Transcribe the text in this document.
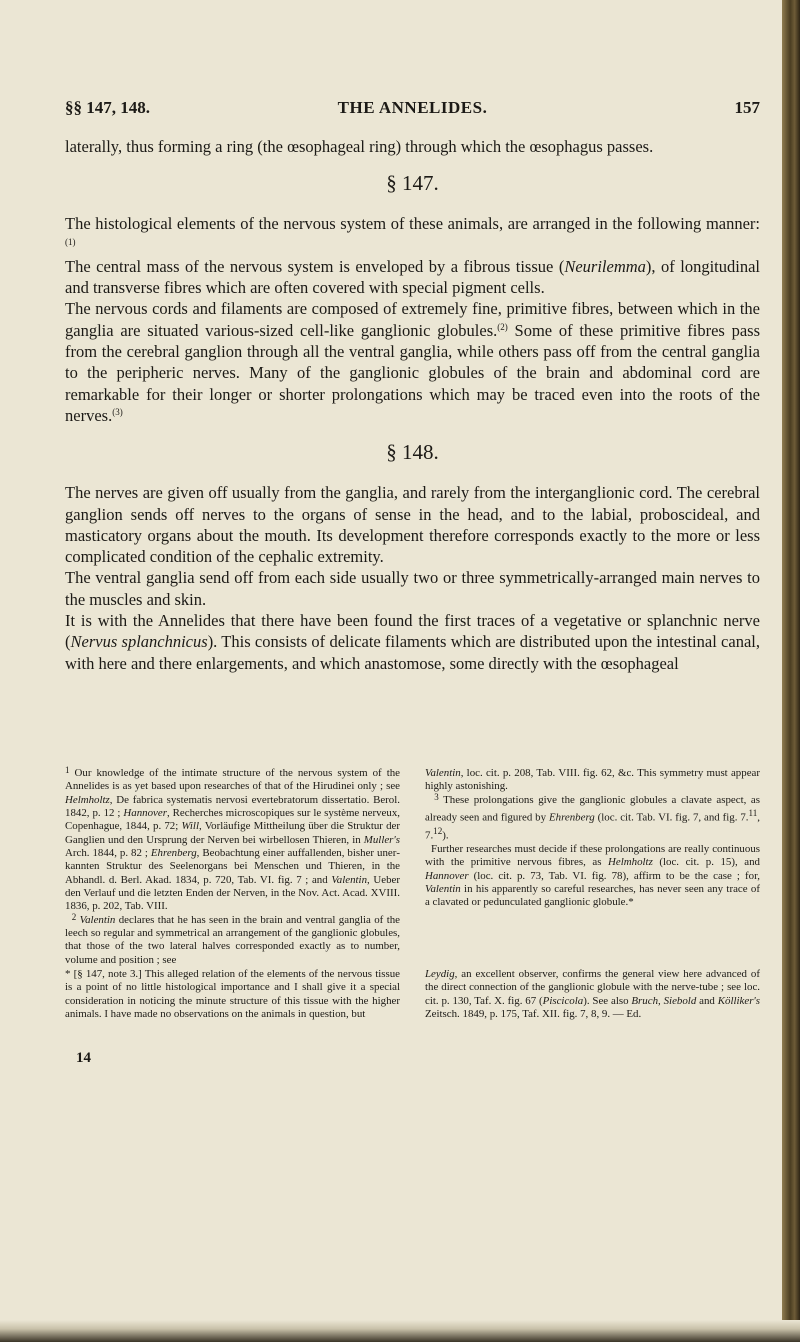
§§ 147, 148.	THE ANNELIDES.	157

laterally, thus forming a ring (the œsophageal ring) through which the œsophagus passes.

§ 147.

The histological elements of the nervous system of these animals, are arranged in the following manner: $^{(1)}$

The central mass of the nervous system is enveloped by a fibrous tissue (Neurilemma), of longitudinal and transverse fibres which are often covered with special pigment cells.

The nervous cords and filaments are composed of extremely fine, primitive fibres, between which in the ganglia are situated various-sized cell-like ganglionic globules.$^{(2)}$ Some of these primitive fibres pass from the cerebral ganglion through all the ventral ganglia, while others pass off from the central ganglia to the peripheric nerves. Many of the ganglionic globules of the brain and abdominal cord are remarkable for their longer or shorter prolongations which may be traced even into the roots of the nerves.$^{(3)}$

§ 148.

The nerves are given off usually from the ganglia, and rarely from the interganglionic cord. The cerebral ganglion sends off nerves to the organs of sense in the head, and to the labial, proboscideal, and masticatory organs about the mouth. Its development therefore corresponds exactly to the more or less complicated condition of the cephalic extremity.

The ventral ganglia send off from each side usually two or three symmetrically-arranged main nerves to the muscles and skin.

It is with the Annelides that there have been found the first traces of a vegetative or splanchnic nerve (Nervus splanchnicus). This consists of delicate filaments which are distributed upon the intestinal canal, with here and there enlargements, and which anastomose, some directly with the œsophageal

$^1$ Our knowledge of the intimate structure of the nervous system of the Annelides is as yet based upon researches of that of the Hirudinei only ; see Helmholtz, De fabrica systematis nervosi evertebratorum dissertatio. Berol. 1842, p. 12 ; Hannover, Recherches microscopiques sur le système nerveux, Copenhague, 1844, p. 72; Will, Vorläufige Mittheilung über die Struktur der Ganglien und den Ursprung der Nerven bei wirbellosen Thieren, in Muller's Arch. 1844, p. 82 ; Ehrenberg, Beobachtung einer auffallenden, bisher unerkannten Struktur des Seelenorgans bei Menschen und Thieren, in the Abhandl. d. Berl. Akad. 1834, p. 720, Tab. VI. fig. 7 ; and Valentin, Ueber den Verlauf und die letzten Enden der Nerven, in the Nov. Act. Acad. XVIII. 1836, p. 202, Tab. VIII.

$^2$ Valentin declares that he has seen in the brain and ventral ganglia of the leech so regular and symmetrical an arrangement of the ganglionic globules, that those of the two lateral halves corresponded exactly as to number, volume and position ; see

Valentin, loc. cit. p. 208, Tab. VIII. fig. 62, &c. This symmetry must appear highly astonishing.

$^3$ These prolongations give the ganglionic globules a clavate aspect, as already seen and figured by Ehrenberg (loc. cit. Tab. VI. fig. 7, and fig. 7.11, 7.12).

Further researches must decide if these prolongations are really continuous with the primitive nervous fibres, as Helmholtz (loc. cit. p. 15), and Hannover (loc. cit. p. 73, Tab. VI. fig. 78), affirm to be the case ; for, Valentin in his apparently so careful researches, has never seen any trace of a clavated or pedunculated ganglionic globule.*

* [§ 147, note 3.] This alleged relation of the elements of the nervous tissue is a point of no little histological importance and I shall give it a special consideration in noticing the minute structure of this tissue with the higher animals. I have made no observations on the animals in question, but

Leydig, an excellent observer, confirms the general view here advanced of the direct connection of the ganglionic globule with the nerve-tube ; see loc. cit. p. 130, Taf. X. fig. 67 (Piscicola). See also Bruch, Siebold and Kölliker's Zeitsch. 1849, p. 175, Taf. XII. fig. 7, 8, 9. — Ed.

14
